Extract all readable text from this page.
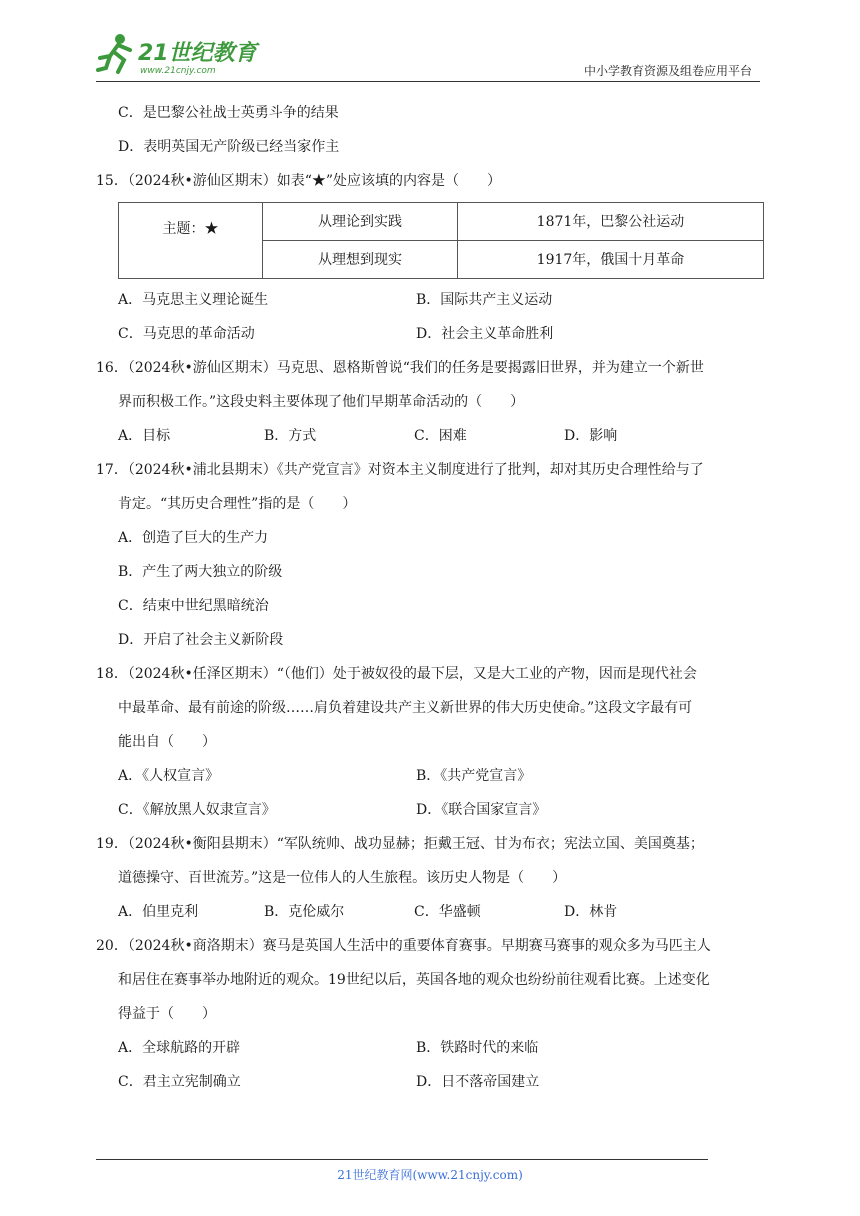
21世纪教育
www.21cnjy.com	中小学教育资源及组卷应用平台
C．是巴黎公社战士英勇斗争的结果
D．表明英国无产阶级已经当家作主
15．（2024秋•游仙区期末）如表“★”处应该填的内容是（　　）
主题：★	从理论到实践	1871年，巴黎公社运动
	从理想到现实	1917年，俄国十月革命
A．马克思主义理论诞生	B．国际共产主义运动
C．马克思的革命活动	D．社会主义革命胜利
16．（2024秋•游仙区期末）马克思、恩格斯曾说“我们的任务是要揭露旧世界，并为建立一个新世
界而积极工作。”这段史料主要体现了他们早期革命活动的（　　）
A．目标	B．方式	C．困难	D．影响
17．（2024秋•浦北县期末）《共产党宣言》对资本主义制度进行了批判，却对其历史合理性给与了
肯定。“其历史合理性”指的是（　　）
A．创造了巨大的生产力
B．产生了两大独立的阶级
C．结束中世纪黑暗统治
D．开启了社会主义新阶段
18．（2024秋•任泽区期末）“（他们）处于被奴役的最下层，又是大工业的产物，因而是现代社会
中最革命、最有前途的阶级……肩负着建设共产主义新世界的伟大历史使命。”这段文字最有可
能出自（　　）
A．《人权宣言》	B．《共产党宣言》
C．《解放黑人奴隶宣言》	D．《联合国家宣言》
19．（2024秋•衡阳县期末）“军队统帅、战功显赫；拒戴王冠、甘为布衣；宪法立国、美国奠基；
道德操守、百世流芳。”这是一位伟人的人生旅程。该历史人物是（　　）
A．伯里克利	B．克伦威尔	C．华盛顿	D．林肯
20．（2024秋•商洛期末）赛马是英国人生活中的重要体育赛事。早期赛马赛事的观众多为马匹主人
和居住在赛事举办地附近的观众。19世纪以后，英国各地的观众也纷纷前往观看比赛。上述变化
得益于（　　）
A．全球航路的开辟	B．铁路时代的来临
C．君主立宪制确立	D．日不落帝国建立
21世纪教育网(www.21cnjy.com)
